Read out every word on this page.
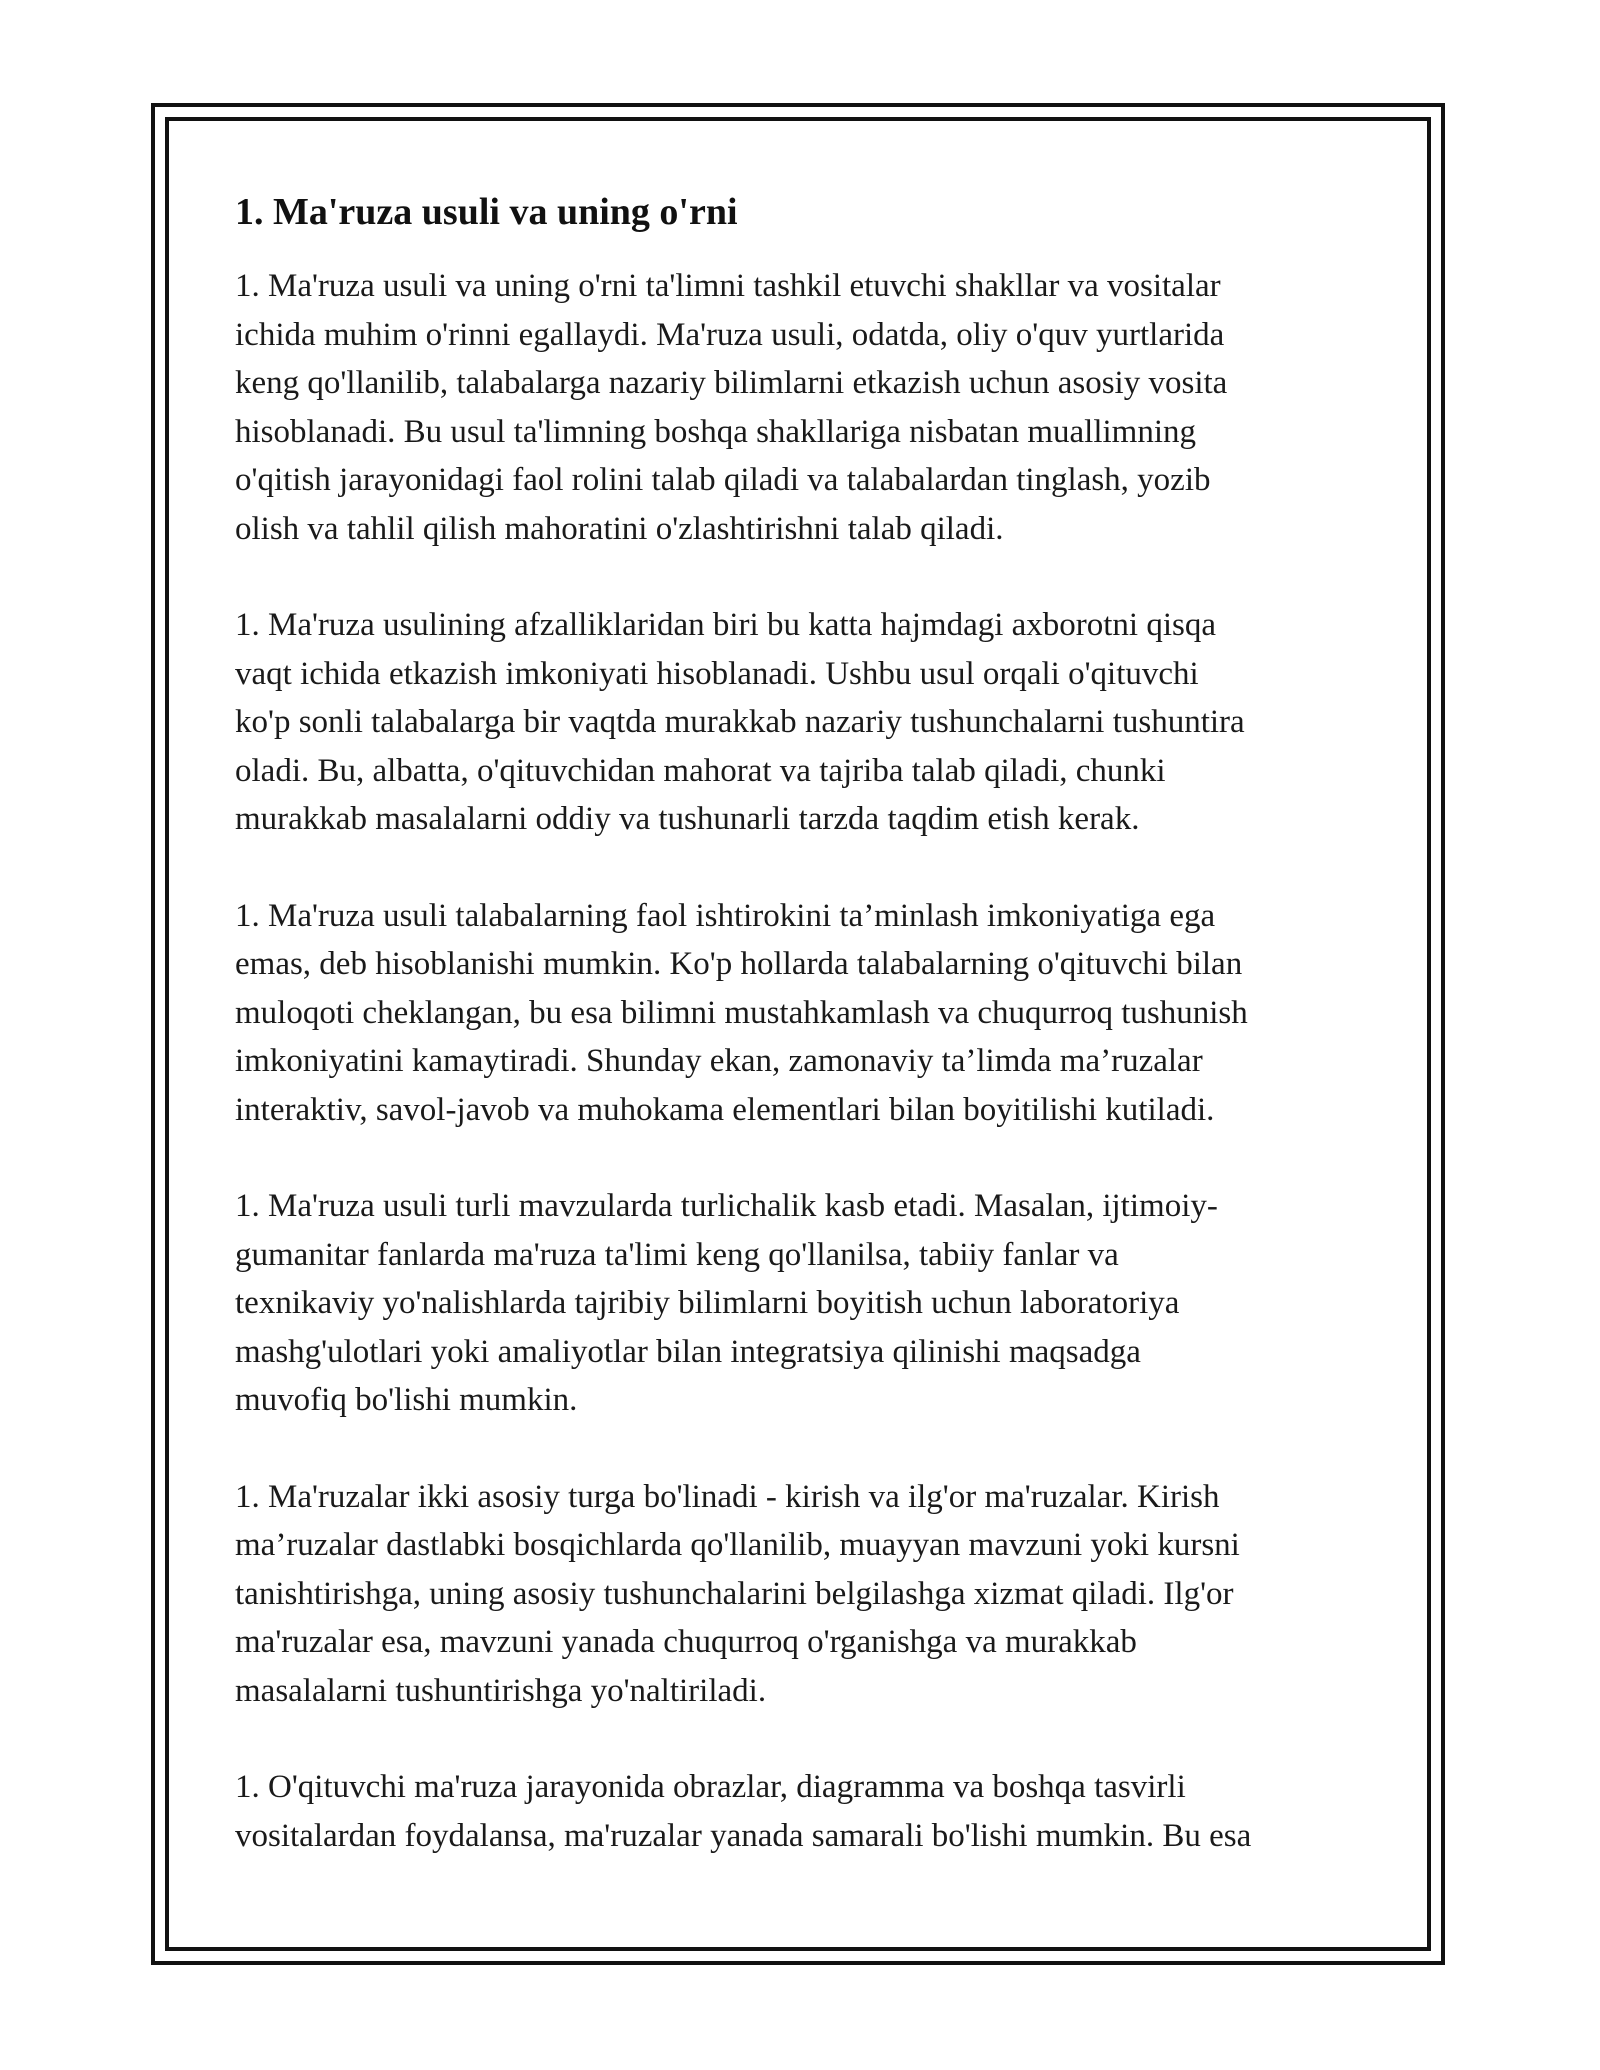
1. Ma'ruza usuli va uning o'rni

1. Ma'ruza usuli va uning o'rni ta'limni tashkil etuvchi shakllar va vositalar
ichida muhim o'rinni egallaydi. Ma'ruza usuli, odatda, oliy o'quv yurtlarida
keng qo'llanilib, talabalarga nazariy bilimlarni etkazish uchun asosiy vosita
hisoblanadi. Bu usul ta'limning boshqa shakllariga nisbatan muallimning
o'qitish jarayonidagi faol rolini talab qiladi va talabalardan tinglash, yozib
olish va tahlil qilish mahoratini o'zlashtirishni talab qiladi.

1. Ma'ruza usulining afzalliklaridan biri bu katta hajmdagi axborotni qisqa
vaqt ichida etkazish imkoniyati hisoblanadi. Ushbu usul orqali o'qituvchi
ko'p sonli talabalarga bir vaqtda murakkab nazariy tushunchalarni tushuntira
oladi. Bu, albatta, o'qituvchidan mahorat va tajriba talab qiladi, chunki
murakkab masalalarni oddiy va tushunarli tarzda taqdim etish kerak.

1. Ma'ruza usuli talabalarning faol ishtirokini ta’minlash imkoniyatiga ega
emas, deb hisoblanishi mumkin. Ko'p hollarda talabalarning o'qituvchi bilan
muloqoti cheklangan, bu esa bilimni mustahkamlash va chuqurroq tushunish
imkoniyatini kamaytiradi. Shunday ekan, zamonaviy ta’limda ma’ruzalar
interaktiv, savol-javob va muhokama elementlari bilan boyitilishi kutiladi.

1. Ma'ruza usuli turli mavzularda turlichalik kasb etadi. Masalan, ijtimoiy-
gumanitar fanlarda ma'ruza ta'limi keng qo'llanilsa, tabiiy fanlar va
texnikaviy yo'nalishlarda tajribiy bilimlarni boyitish uchun laboratoriya
mashg'ulotlari yoki amaliyotlar bilan integratsiya qilinishi maqsadga
muvofiq bo'lishi mumkin.

1. Ma'ruzalar ikki asosiy turga bo'linadi - kirish va ilg'or ma'ruzalar. Kirish
ma’ruzalar dastlabki bosqichlarda qo'llanilib, muayyan mavzuni yoki kursni
tanishtirishga, uning asosiy tushunchalarini belgilashga xizmat qiladi. Ilg'or
ma'ruzalar esa, mavzuni yanada chuqurroq o'rganishga va murakkab
masalalarni tushuntirishga yo'naltiriladi.

1. O'qituvchi ma'ruza jarayonida obrazlar, diagramma va boshqa tasvirli
vositalardan foydalansa, ma'ruzalar yanada samarali bo'lishi mumkin. Bu esa
